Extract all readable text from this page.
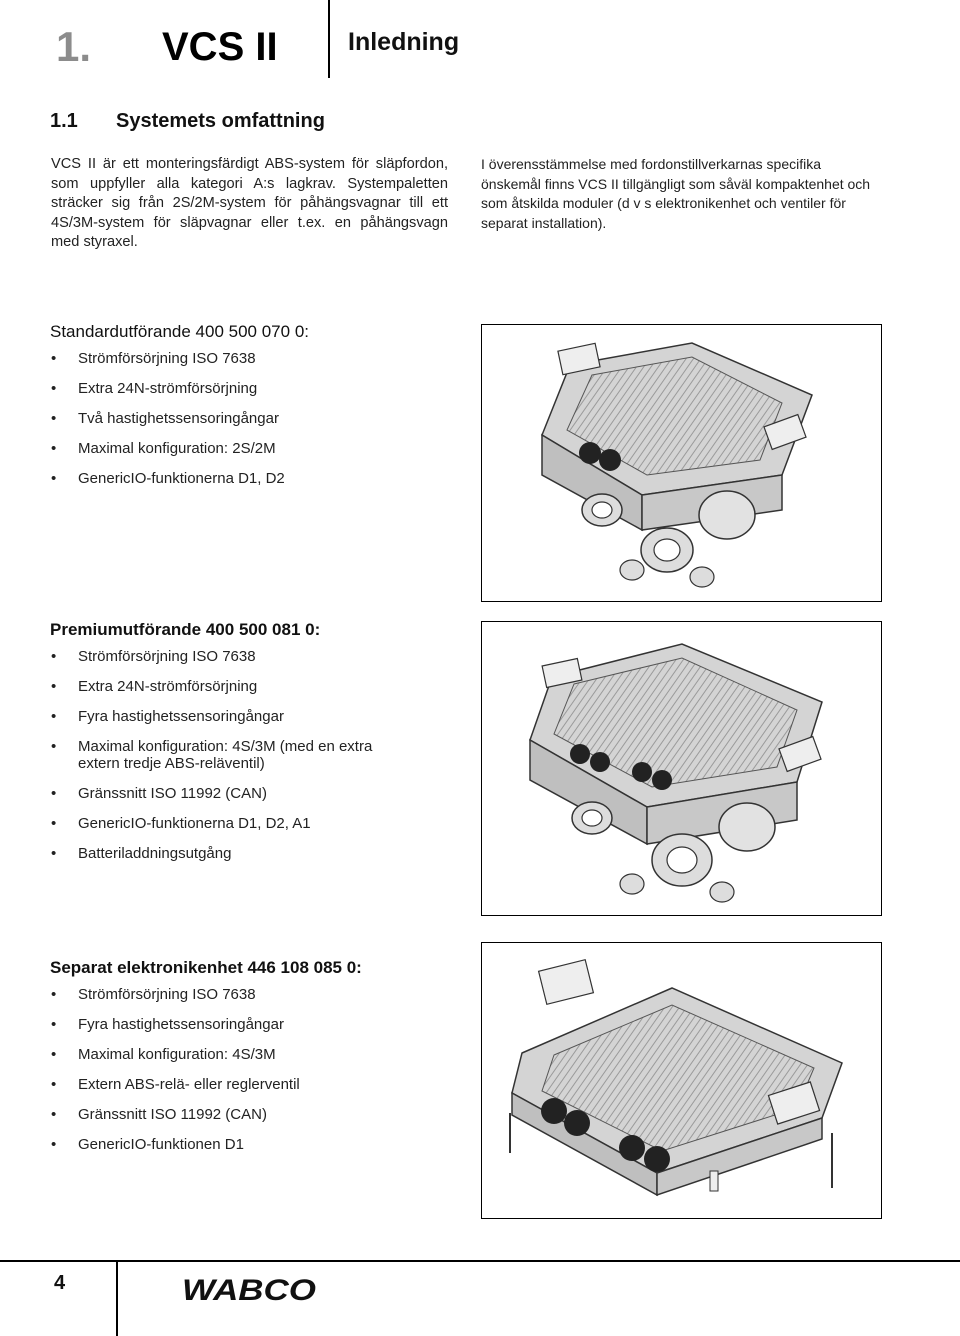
1. VCS II	Inledning
1.1 Systemets omfattning
VCS II är ett monteringsfärdigt ABS-system för släpfordon, som uppfyller alla kategori A:s lagkrav. Systempaletten sträcker sig från 2S/2M-system för påhängsvagnar till ett 4S/3M-system för släpvagnar eller t.ex. en påhängsvagn med styraxel.
I överensstämmelse med fordonstillverkarnas specifika önskemål finns VCS II tillgängligt som såväl kompaktenhet och som åtskilda moduler (d v s elektronikenhet och ventiler för separat installation).
Standardutförande 400 500 070 0:
• Strömförsörjning ISO 7638
• Extra 24N-strömförsörjning
• Två hastighetssensoringångar
• Maximal konfiguration: 2S/2M
• GenericIO-funktionerna D1, D2
Premiumutförande 400 500 081 0:
• Strömförsörjning ISO 7638
• Extra 24N-strömförsörjning
• Fyra hastighetssensoringångar
• Maximal konfiguration: 4S/3M (med en extra extern tredje ABS-reläventil)
• Gränssnitt ISO 11992 (CAN)
• GenericIO-funktionerna D1, D2, A1
• Batteriladdningsutgång
Separat elektronikenhet 446 108 085 0:
• Strömförsörjning ISO 7638
• Fyra hastighetssensoringångar
• Maximal konfiguration: 4S/3M
• Extern ABS-relä- eller reglerventil
• Gränssnitt ISO 11992 (CAN)
• GenericIO-funktionen D1
4	WABCO
